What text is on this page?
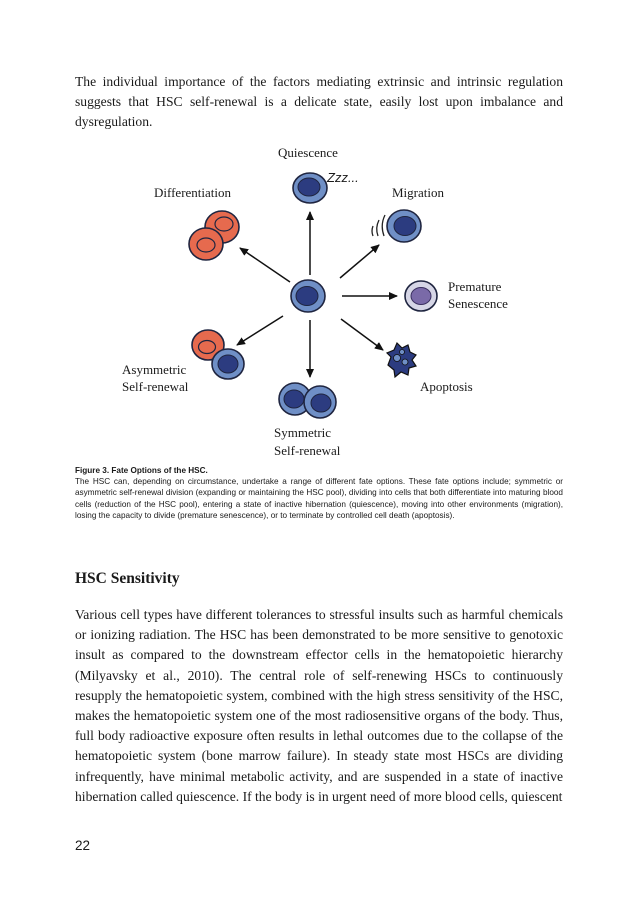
The individual importance of the factors mediating extrinsic and intrinsic regulation suggests that HSC self-renewal is a delicate state, easily lost upon imbalance and dysregulation.

Quiescence
Zzz...
Differentiation	Migration
Premature
Senescence
Asymmetric
Self-renewal	Apoptosis
Symmetric
Self-renewal
Figure 3. Fate Options of the HSC.
The HSC can, depending on circumstance, undertake a range of different fate options. These fate options include; symmetric or asymmetric self-renewal division (expanding or maintaining the HSC pool), dividing into cells that both differentiate into maturing blood cells (reduction of the HSC pool), entering a state of inactive hibernation (quiescence), moving into other environments (migration), losing the capacity to divide (premature senescence), or to terminate by controlled cell death (apoptosis).
HSC Sensitivity

Various cell types have different tolerances to stressful insults such as harmful chemicals or ionizing radiation. The HSC has been demonstrated to be more sensitive to genotoxic insult as compared to the downstream effector cells in the hematopoietic hierarchy (Milyavsky et al., 2010). The central role of self-renewing HSCs to continuously resupply the hematopoietic system, combined with the high stress sensitivity of the HSC, makes the hematopoietic system one of the most radiosensitive organs of the body. Thus, full body radioactive exposure often results in lethal outcomes due to the collapse of the hematopoietic system (bone marrow failure). In steady state most HSCs are dividing infrequently, have minimal metabolic activity, and are suspended in a state of inactive hibernation called quiescence. If the body is in urgent need of more blood cells, quiescent

22
